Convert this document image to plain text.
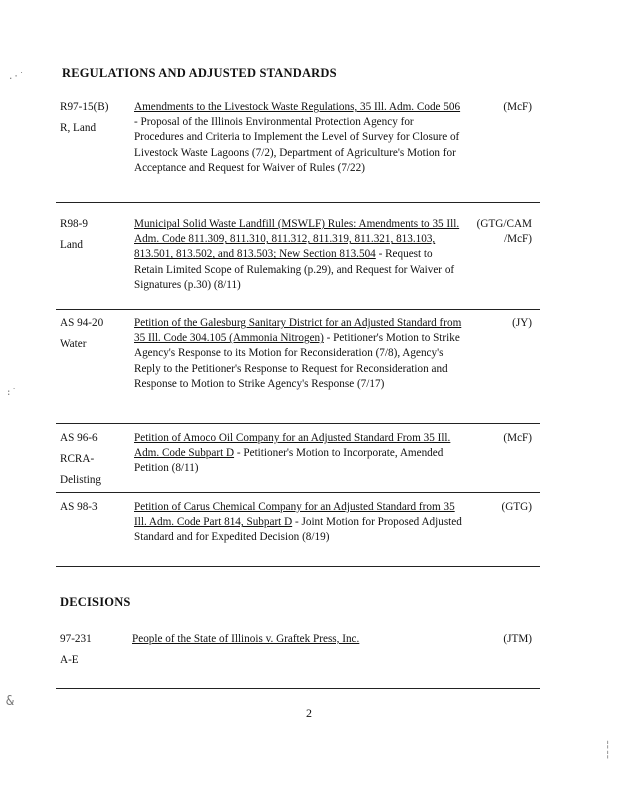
.·˙
:˙
&
¦
¦
REGULATIONS AND ADJUSTED STANDARDS
R97-15(B)
R, Land
Amendments to the Livestock Waste Regulations, 35 Ill. Adm. Code 506 - Proposal of the Illinois Environmental Protection Agency for Procedures and Criteria to Implement the Level of Survey for Closure of Livestock Waste Lagoons (7/2), Department of Agriculture's Motion for Acceptance and Request for Waiver of Rules (7/22)
(McF)
R98-9
Land
Municipal Solid Waste Landfill (MSWLF) Rules: Amendments to 35 Ill. Adm. Code 811.309, 811.310, 811.312, 811.319, 811.321, 813.103, 813.501, 813.502, and 813.503; New Section 813.504 - Request to Retain Limited Scope of Rulemaking (p.29), and Request for Waiver of Signatures (p.30) (8/11)
(GTG/CAM /McF)
AS 94-20
Water
Petition of the Galesburg Sanitary District for an Adjusted Standard from 35 Ill. Code 304.105 (Ammonia Nitrogen) - Petitioner's Motion to Strike Agency's Response to its Motion for Reconsideration (7/8), Agency's Reply to the Petitioner's Response to Request for Reconsideration and Response to Motion to Strike Agency's Response (7/17)
(JY)
AS 96-6
RCRA-
Delisting
Petition of Amoco Oil Company for an Adjusted Standard From 35 Ill. Adm. Code Subpart D - Petitioner's Motion to Incorporate, Amended Petition (8/11)
(McF)
AS 98-3	Petition of Carus Chemical Company for an Adjusted Standard from 35 Ill. Adm. Code Part 814, Subpart D - Joint Motion for Proposed Adjusted Standard and for Expedited Decision (8/19)
(GTG)
DECISIONS
97-231
A-E
People of the State of Illinois v. Graftek Press, Inc.	(JTM)
2
